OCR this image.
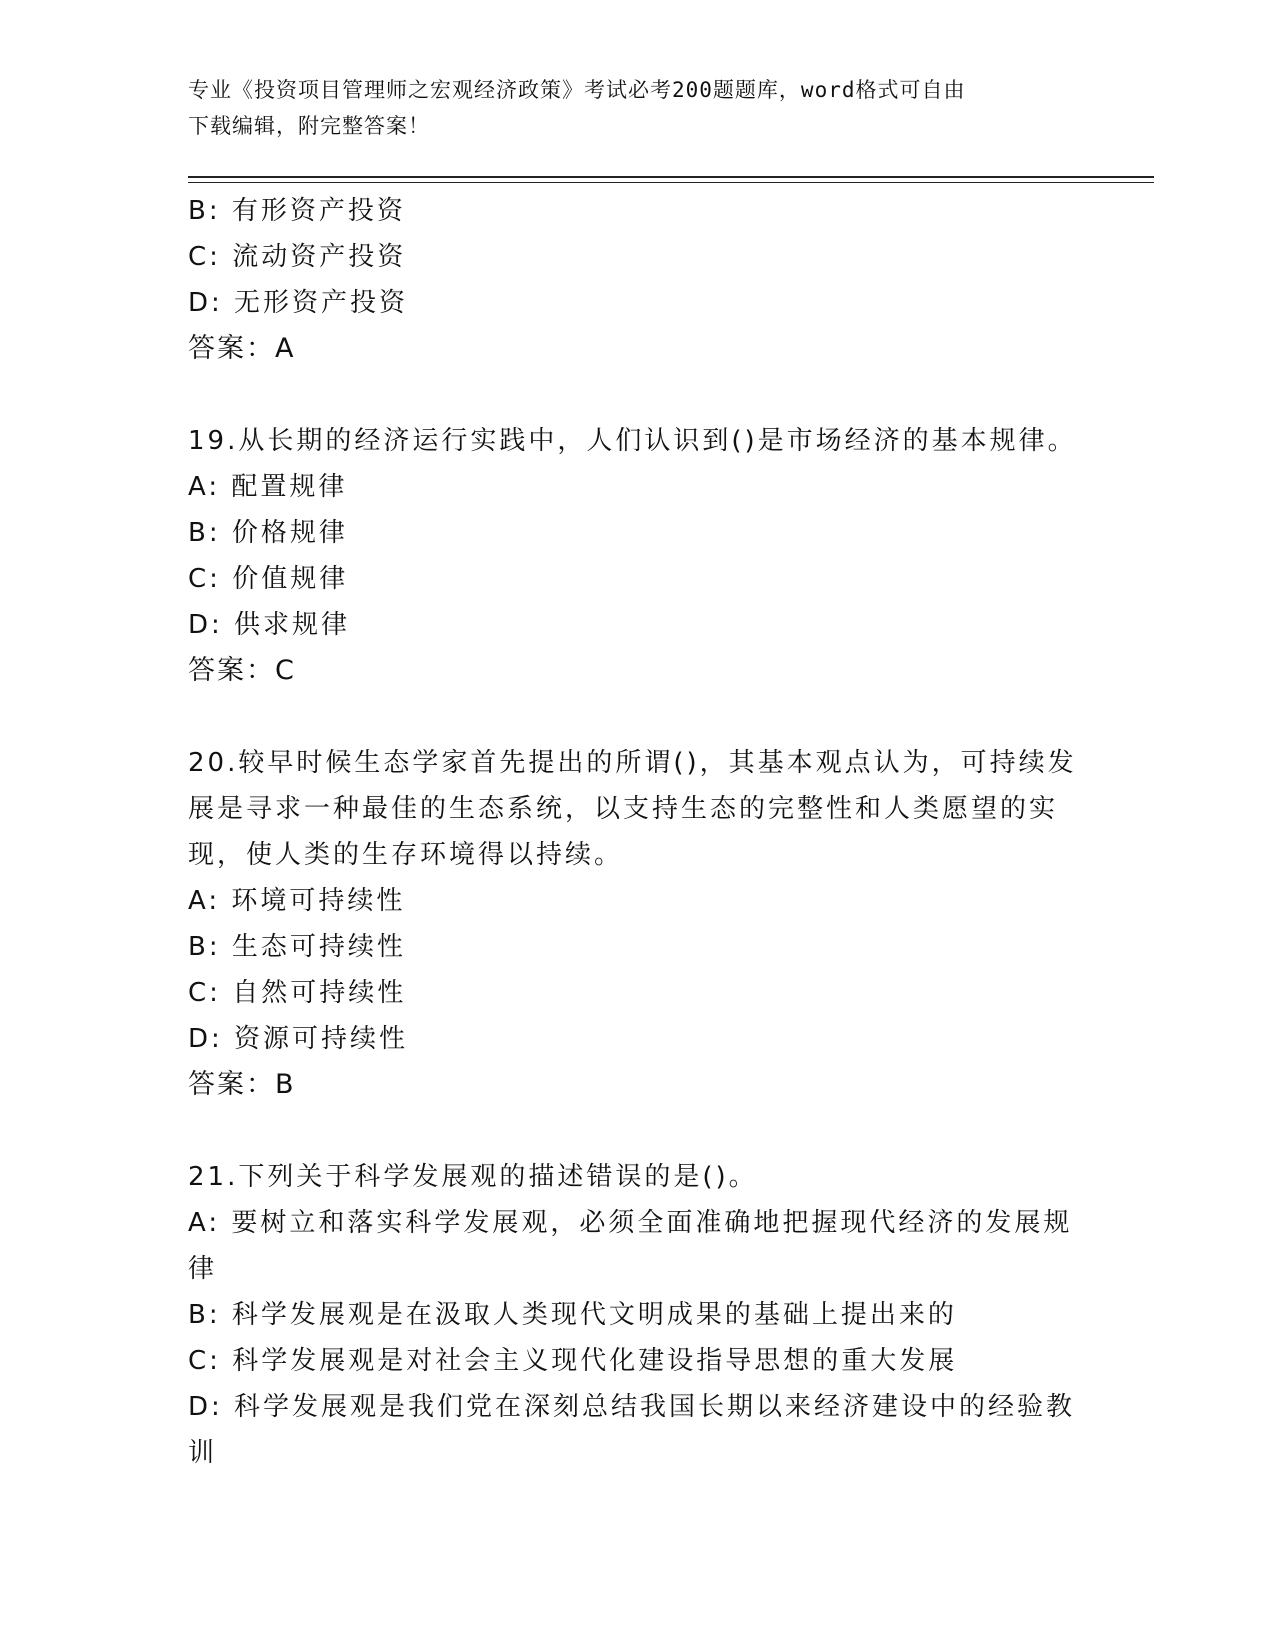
专业《投资项目管理师之宏观经济政策》考试必考200题题库，word格式可自由
下载编辑，附完整答案！
B: 有形资产投资
C: 流动资产投资
D: 无形资产投资
答案：A
19.从长期的经济运行实践中，人们认识到()是市场经济的基本规律。
A: 配置规律
B: 价格规律
C: 价值规律
D: 供求规律
答案：C
20.较早时候生态学家首先提出的所谓()，其基本观点认为，可持续发
展是寻求一种最佳的生态系统，以支持生态的完整性和人类愿望的实
现，使人类的生存环境得以持续。
A: 环境可持续性
B: 生态可持续性
C: 自然可持续性
D: 资源可持续性
答案：B
21.下列关于科学发展观的描述错误的是()。
A: 要树立和落实科学发展观，必须全面准确地把握现代经济的发展规
律
B: 科学发展观是在汲取人类现代文明成果的基础上提出来的
C: 科学发展观是对社会主义现代化建设指导思想的重大发展
D: 科学发展观是我们党在深刻总结我国长期以来经济建设中的经验教
训
